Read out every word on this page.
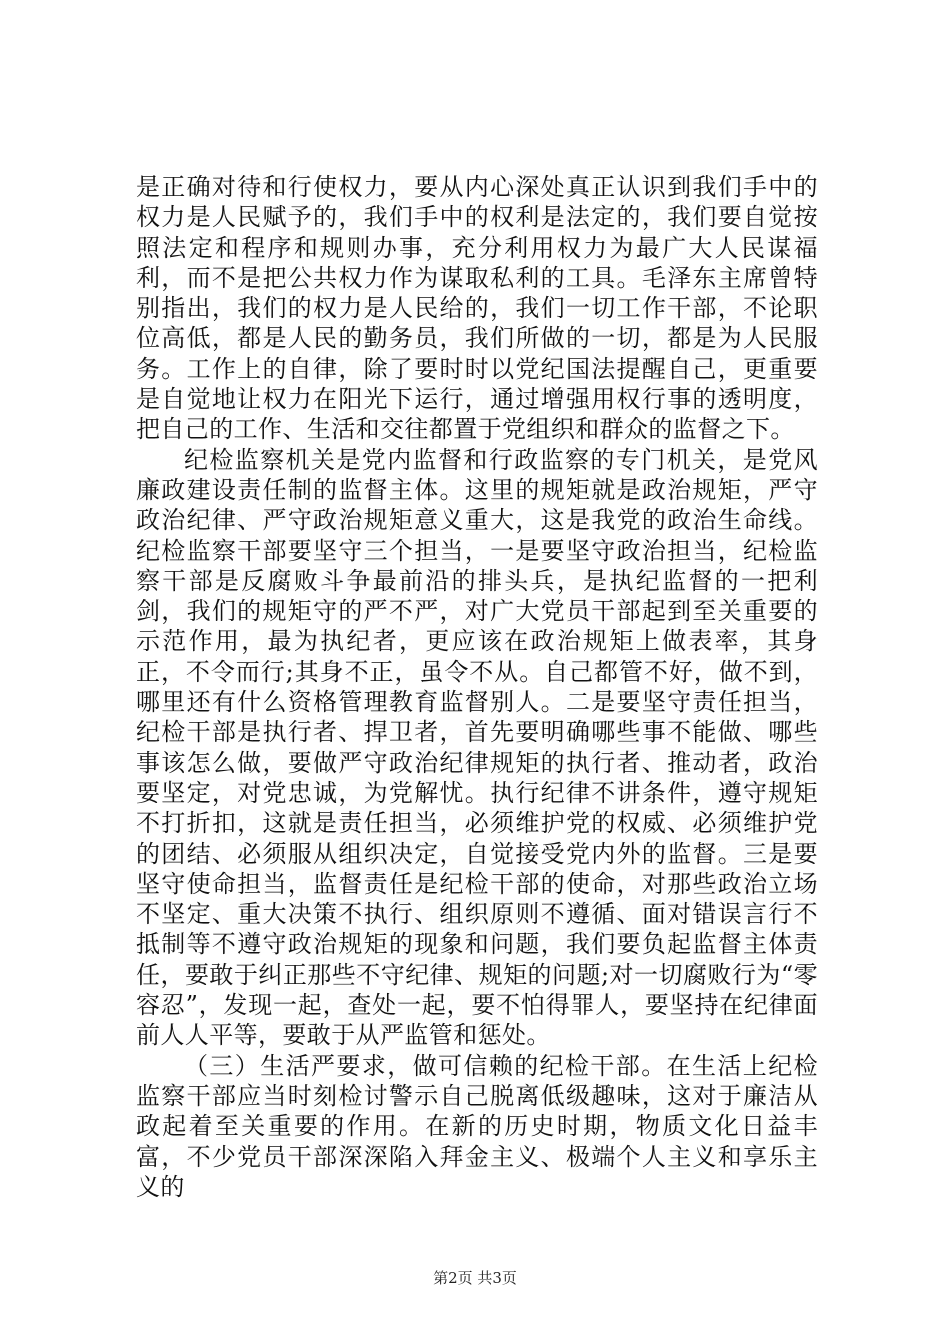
是正确对待和行使权力，要从内心深处真正认识到我们手中的权力是人民赋予的，我们手中的权利是法定的，我们要自觉按照法定和程序和规则办事，充分利用权力为最广大人民谋福利，而不是把公共权力作为谋取私利的工具。毛泽东主席曾特别指出，我们的权力是人民给的，我们一切工作干部，不论职位高低，都是人民的勤务员，我们所做的一切，都是为人民服务。工作上的自律，除了要时时以党纪国法提醒自己，更重要是自觉地让权力在阳光下运行，通过增强用权行事的透明度，把自己的工作、生活和交往都置于党组织和群众的监督之下。

纪检监察机关是党内监督和行政监察的专门机关，是党风廉政建设责任制的监督主体。这里的规矩就是政治规矩，严守政治纪律、严守政治规矩意义重大，这是我党的政治生命线。纪检监察干部要坚守三个担当，一是要坚守政治担当，纪检监察干部是反腐败斗争最前沿的排头兵，是执纪监督的一把利剑，我们的规矩守的严不严，对广大党员干部起到至关重要的示范作用，最为执纪者，更应该在政治规矩上做表率，其身正，不令而行;其身不正，虽令不从。自己都管不好，做不到，哪里还有什么资格管理教育监督别人。二是要坚守责任担当，纪检干部是执行者、捍卫者，首先要明确哪些事不能做、哪些事该怎么做，要做严守政治纪律规矩的执行者、推动者，政治要坚定，对党忠诚，为党解忧。执行纪律不讲条件，遵守规矩不打折扣，这就是责任担当，必须维护党的权威、必须维护党的团结、必须服从组织决定，自觉接受党内外的监督。三是要坚守使命担当，监督责任是纪检干部的使命，对那些政治立场不坚定、重大决策不执行、组织原则不遵循、面对错误言行不抵制等不遵守政治规矩的现象和问题，我们要负起监督主体责任，要敢于纠正那些不守纪律、规矩的问题;对一切腐败行为“零容忍”，发现一起，查处一起，要不怕得罪人，要坚持在纪律面前人人平等，要敢于从严监管和惩处。

（三）生活严要求，做可信赖的纪检干部。在生活上纪检监察干部应当时刻检讨警示自己脱离低级趣味，这对于廉洁从政起着至关重要的作用。在新的历史时期，物质文化日益丰富，不少党员干部深深陷入拜金主义、极端个人主义和享乐主义的

第2页 共3页
